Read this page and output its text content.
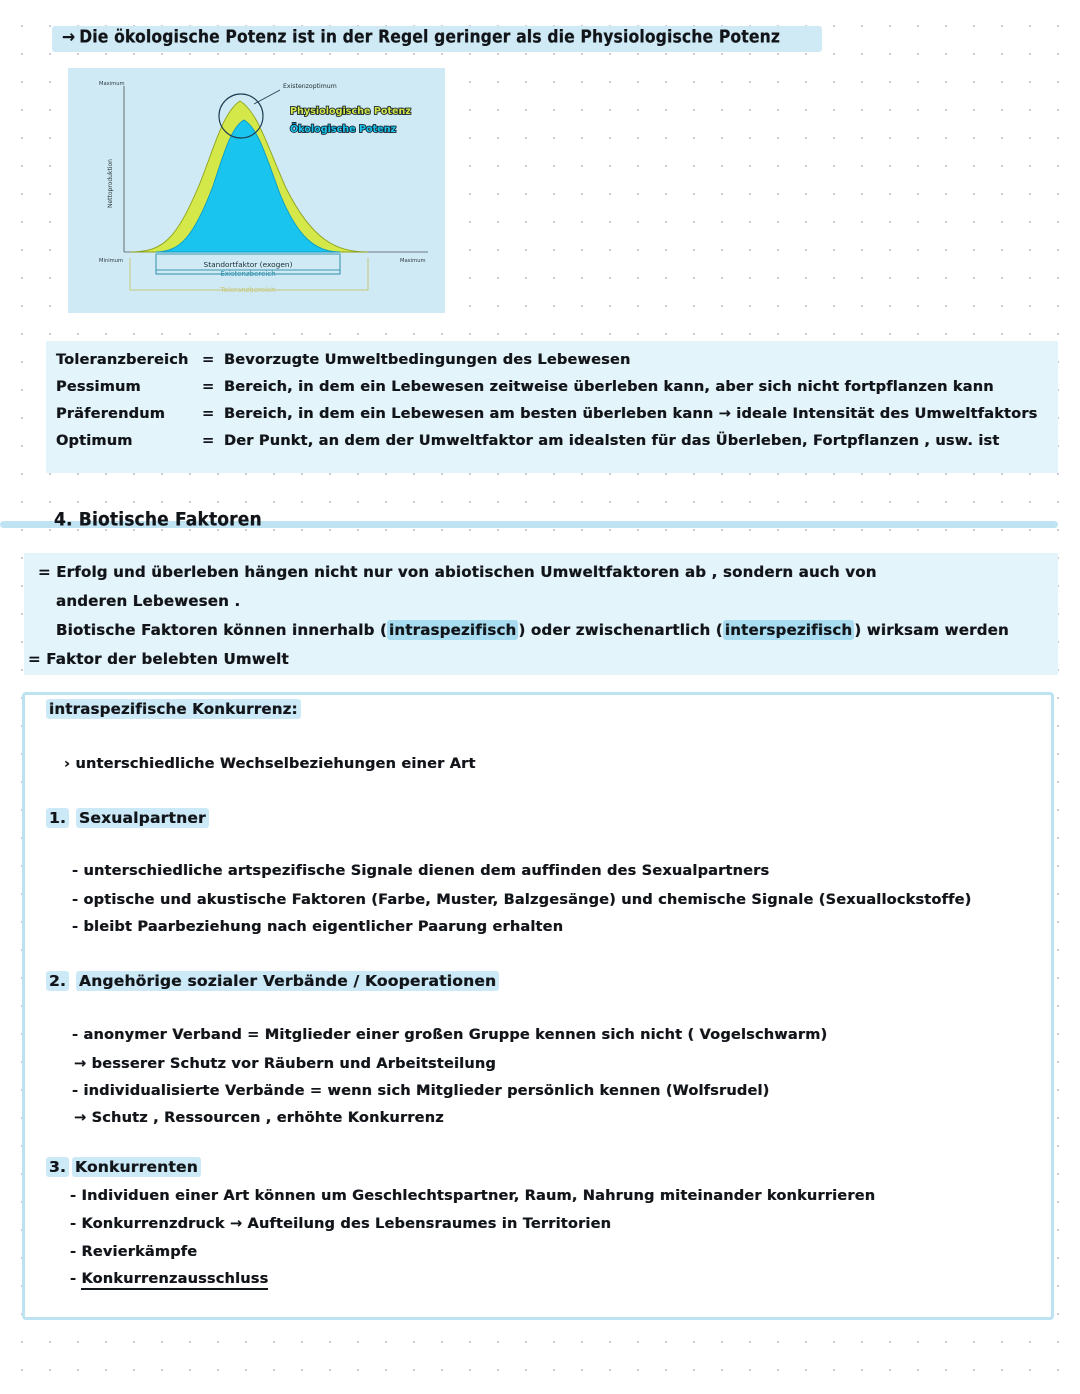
→ Die ökologische Potenz ist in der Regel geringer als die Physiologische Potenz
Maximum
Minimum	Maximum
Nettoproduktion
Standortfaktor (exogen)
Existenzoptimum
Existenzbereich
Toleranzbereich
Physiologische Potenz
Ökologische Potenz
Toleranzbereich = Bevorzugte Umweltbedingungen des Lebewesen
Pessimum	= Bereich, in dem ein Lebewesen zeitweise überleben kann, aber sich nicht fortpflanzen kann
Präferendum	= Bereich, in dem ein Lebewesen am besten überleben kann → ideale Intensität des Umweltfaktors
Optimum	= Der Punkt, an dem der Umweltfaktor am idealsten für das Überleben, Fortpflanzen , usw. ist
4. Biotische Faktoren
= Erfolg und überleben hängen nicht nur von abiotischen Umweltfaktoren ab , sondern auch von
anderen Lebewesen .
Biotische Faktoren können innerhalb ( intraspezifisch ) oder zwischenartlich ( interspezifisch ) wirksam werden
= Faktor der belebten Umwelt
intraspezifische Konkurrenz:
› unterschiedliche Wechselbeziehungen einer Art
1. Sexualpartner
- unterschiedliche artspezifische Signale dienen dem auffinden des Sexualpartners
- optische und akustische Faktoren (Farbe, Muster, Balzgesänge) und chemische Signale (Sexuallockstoffe)
- bleibt Paarbeziehung nach eigentlicher Paarung erhalten
2. Angehörige sozialer Verbände / Kooperationen
- anonymer Verband = Mitglieder einer großen Gruppe kennen sich nicht ( Vogelschwarm)
→ besserer Schutz vor Räubern und Arbeitsteilung
- individualisierte Verbände = wenn sich Mitglieder persönlich kennen (Wolfsrudel)
→ Schutz , Ressourcen , erhöhte Konkurrenz
3. Konkurrenten
- Individuen einer Art können um Geschlechtspartner, Raum, Nahrung miteinander konkurrieren
- Konkurrenzdruck → Aufteilung des Lebensraumes in Territorien
- Revierkämpfe
- Konkurrenzausschluss
